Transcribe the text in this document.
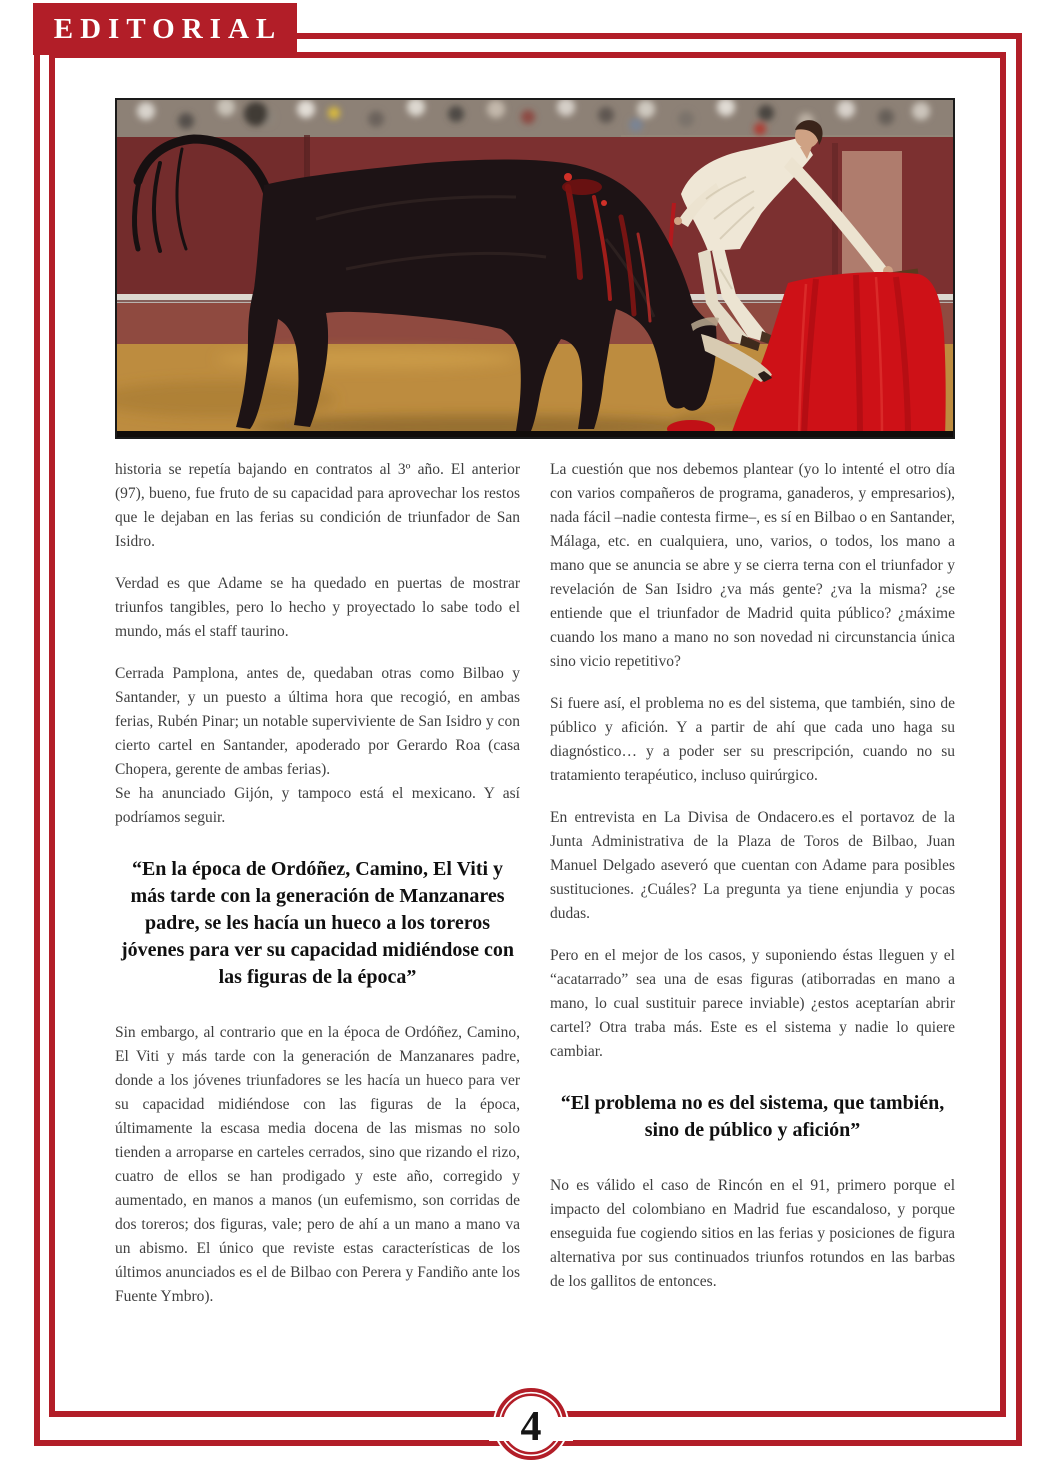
EDITORIAL

historia se repetía bajando en contratos al 3º año. El anterior (97), bueno, fue fruto de su capacidad para aprovechar los restos que le dejaban en las ferias su condición de triunfador de San Isidro.

Verdad es que Adame se ha quedado en puertas de mostrar triunfos tangibles, pero lo hecho y proyectado lo sabe todo el mundo, más el staff taurino.

Cerrada Pamplona, antes de, quedaban otras como Bilbao y Santander, y un puesto a última hora que recogió, en ambas ferias, Rubén Pinar; un notable superviviente de San Isidro y con cierto cartel en Santander, apoderado por Gerardo Roa (casa Chopera, gerente de ambas ferias).

Se ha anunciado Gijón, y tampoco está el mexicano. Y así podríamos seguir.

“En la época de Ordóñez, Camino, El Viti y más tarde con la generación de Manzanares padre, se les hacía un hueco a los toreros jóvenes para ver su capacidad midiéndose con las figuras de la época”

Sin embargo, al contrario que en la época de Ordóñez, Camino, El Viti y más tarde con la generación de Manzanares padre, donde a los jóvenes triunfadores se les hacía un hueco para ver su capacidad midiéndose con las figuras de la época, últimamente la escasa media docena de las mismas no solo tienden a arroparse en carteles cerrados, sino que rizando el rizo, cuatro de ellos se han prodigado y este año, corregido y aumentado, en manos a manos (un eufemismo, son corridas de dos toreros; dos figuras, vale; pero de ahí a un mano a mano va un abismo. El único que reviste estas características de los últimos anunciados es el de Bilbao con Perera y Fandiño ante los Fuente Ymbro).

La cuestión que nos debemos plantear (yo lo intenté el otro día con varios compañeros de programa, ganaderos, y empresarios), nada fácil –nadie contesta firme–, es sí en Bilbao o en Santander, Málaga, etc. en cualquiera, uno, varios, o todos, los mano a mano que se anuncia se abre y se cierra terna con el triunfador y revelación de San Isidro ¿va más gente? ¿va la misma? ¿se entiende que el triunfador de Madrid quita público? ¿máxime cuando los mano a mano no son novedad ni circunstancia única sino vicio repetitivo?

Si fuere así, el problema no es del sistema, que también, sino de público y afición. Y a partir de ahí que cada uno haga su diagnóstico… y a poder ser su prescripción, cuando no su tratamiento terapéutico, incluso quirúrgico.

En entrevista en La Divisa de Ondacero.es el portavoz de la Junta Administrativa de la Plaza de Toros de Bilbao, Juan Manuel Delgado aseveró que cuentan con Adame para posibles sustituciones. ¿Cuáles? La pregunta ya tiene enjundia y pocas dudas.

Pero en el mejor de los casos, y suponiendo éstas lleguen y el “acatarrado” sea una de esas figuras (atiborradas en mano a mano, lo cual sustituir parece inviable) ¿estos aceptarían abrir cartel? Otra traba más. Este es el sistema y nadie lo quiere cambiar.

“El problema no es del sistema, que también, sino de público y afición”

No es válido el caso de Rincón en el 91, primero porque el impacto del colombiano en Madrid fue escandaloso, y porque enseguida fue cogiendo sitios en las ferias y posiciones de figura alternativa por sus continuados triunfos rotundos en las barbas de los gallitos de entonces.

4
